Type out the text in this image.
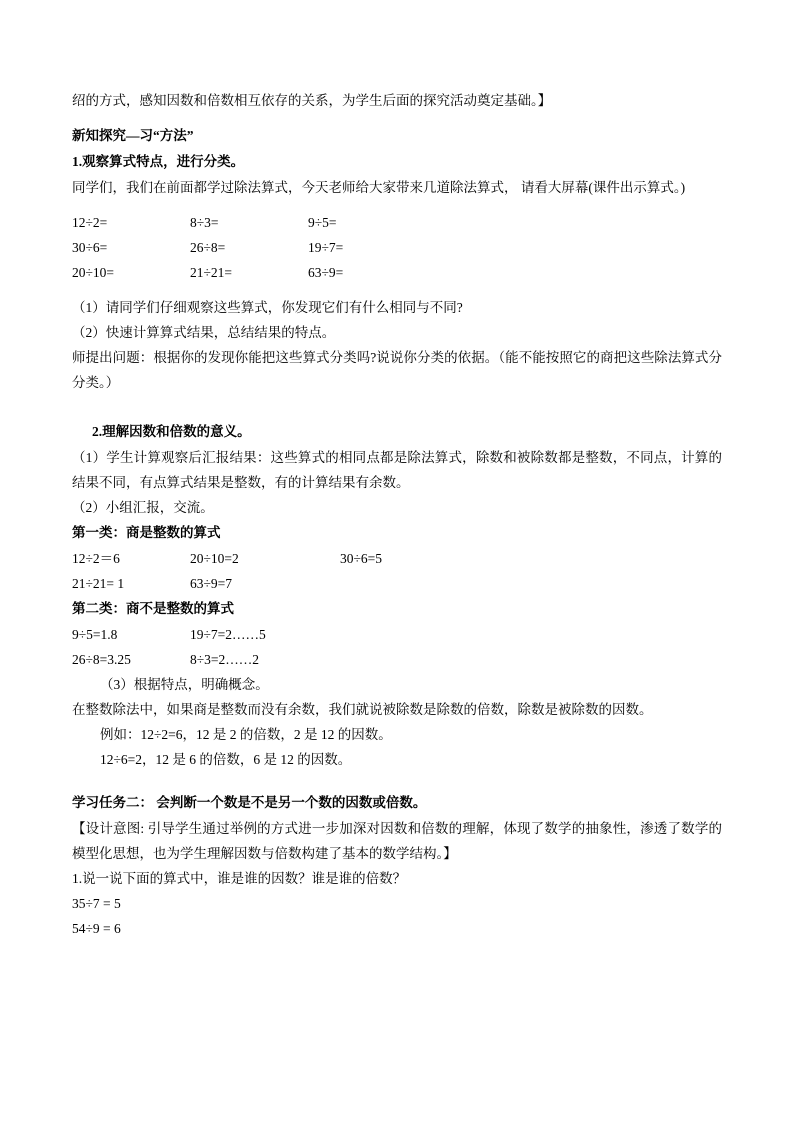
绍的方式，感知因数和倍数相互依存的关系，为学生后面的探究活动奠定基础。】
新知探究—习“方法”
1.观察算式特点，进行分类。
同学们，我们在前面都学过除法算式，今天老师给大家带来几道除法算式， 请看大屏幕(课件出示算式。)
12÷2=	8÷3=	9÷5=
30÷6=	26÷8=	19÷7=
20÷10=	21÷21=	63÷9=
（1）请同学们仔细观察这些算式，你发现它们有什么相同与不同?
（2）快速计算算式结果，总结结果的特点。
师提出问题：根据你的发现你能把这些算式分类吗?说说你分类的依据。（能不能按照它的商把这些除法算式分分类。）
2.理解因数和倍数的意义。
（1）学生计算观察后汇报结果：这些算式的相同点都是除法算式，除数和被除数都是整数，不同点，计算的结果不同，有点算式结果是整数，有的计算结果有余数。
（2）小组汇报，交流。
第一类：商是整数的算式
12÷2＝6	20÷10=2	30÷6=5
21÷21= 1	63÷9=7
第二类：商不是整数的算式
9÷5=1.8	19÷7=2……5
26÷8=3.25	8÷3=2……2
（3）根据特点，明确概念。
在整数除法中，如果商是整数而没有余数，我们就说被除数是除数的倍数，除数是被除数的因数。
例如：12÷2=6，12 是 2 的倍数，2 是 12 的因数。
12÷6=2，12 是 6 的倍数，6 是 12 的因数。
学习任务二： 会判断一个数是不是另一个数的因数或倍数。
【设计意图: 引导学生通过举例的方式进一步加深对因数和倍数的理解，体现了数学的抽象性，渗透了数学的模型化思想，也为学生理解因数与倍数构建了基本的数学结构。】
1.说一说下面的算式中，谁是谁的因数？谁是谁的倍数？
35÷7 = 5
54÷9 = 6
